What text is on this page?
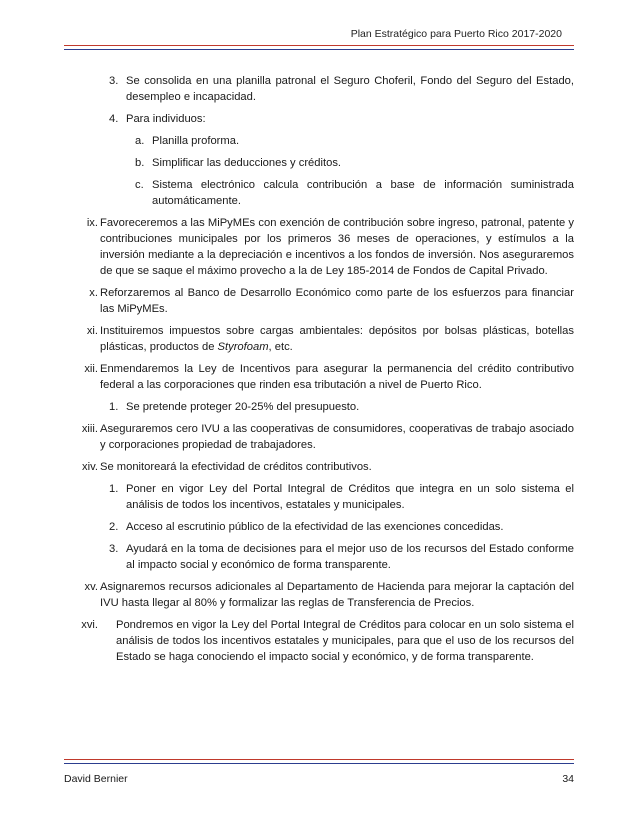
Plan Estratégico para Puerto Rico 2017-2020
3. Se consolida en una planilla patronal el Seguro Choferil, Fondo del Seguro del Estado, desempleo e incapacidad.
4. Para individuos:
a. Planilla proforma.
b. Simplificar las deducciones y créditos.
c. Sistema electrónico calcula contribución a base de información suministrada automáticamente.
ix. Favoreceremos a las MiPyMEs con exención de contribución sobre ingreso, patronal, patente y contribuciones municipales por los primeros 36 meses de operaciones, y estímulos a la inversión mediante a la depreciación e incentivos a los fondos de inversión. Nos aseguraremos de que se saque el máximo provecho a la de Ley 185-2014 de Fondos de Capital Privado.
x. Reforzaremos al Banco de Desarrollo Económico como parte de los esfuerzos para financiar las MiPyMEs.
xi. Instituiremos impuestos sobre cargas ambientales: depósitos por bolsas plásticas, botellas plásticas, productos de Styrofoam, etc.
xii. Enmendaremos la Ley de Incentivos para asegurar la permanencia del crédito contributivo federal a las corporaciones que rinden esa tributación a nivel de Puerto Rico.
1. Se pretende proteger 20-25% del presupuesto.
xiii. Aseguraremos cero IVU a las cooperativas de consumidores, cooperativas de trabajo asociado y corporaciones propiedad de trabajadores.
xiv. Se monitoreará la efectividad de créditos contributivos.
1. Poner en vigor Ley del Portal Integral de Créditos que integra en un solo sistema el análisis de todos los incentivos, estatales y municipales.
2. Acceso al escrutinio público de la efectividad de las exenciones concedidas.
3. Ayudará en la toma de decisiones para el mejor uso de los recursos del Estado conforme al impacto social y económico de forma transparente.
xv. Asignaremos recursos adicionales al Departamento de Hacienda para mejorar la captación del IVU hasta llegar al 80% y formalizar las reglas de Transferencia de Precios.
xvi. Pondremos en vigor la Ley del Portal Integral de Créditos para colocar en un solo sistema el análisis de todos los incentivos estatales y municipales, para que el uso de los recursos del Estado se haga conociendo el impacto social y económico, y de forma transparente.
David Bernier	34
